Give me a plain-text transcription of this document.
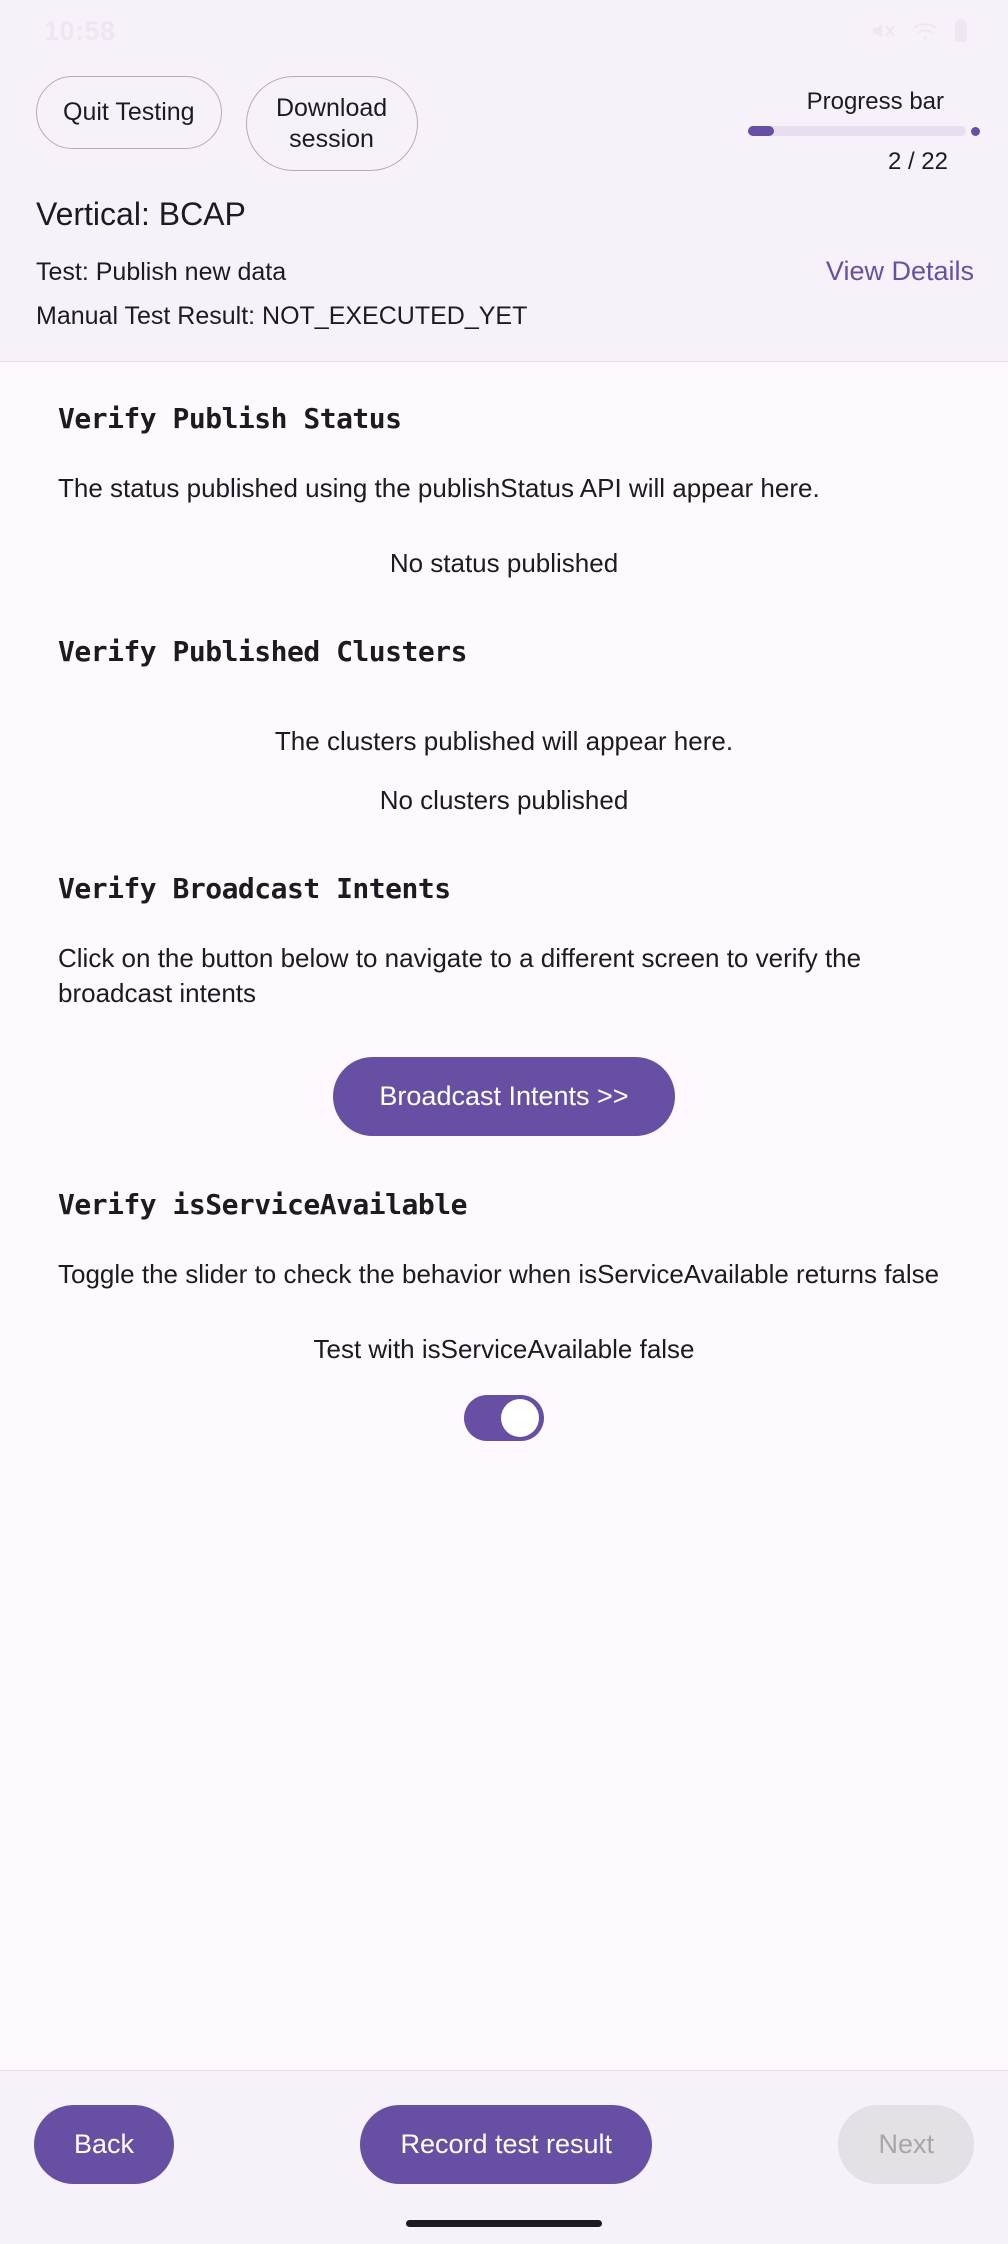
10:58
Quit Testing	Download session
Progress bar
2 / 22
Vertical: BCAP
Test: Publish new data	View Details
Manual Test Result: NOT_EXECUTED_YET
Verify Publish Status
The status published using the publishStatus API will appear here.
No status published
Verify Published Clusters
The clusters published will appear here.
No clusters published
Verify Broadcast Intents
Click on the button below to navigate to a different screen to verify the broadcast intents
Broadcast Intents >>
Verify isServiceAvailable
Toggle the slider to check the behavior when isServiceAvailable returns false
Test with isServiceAvailable false
Back	Record test result	Next
